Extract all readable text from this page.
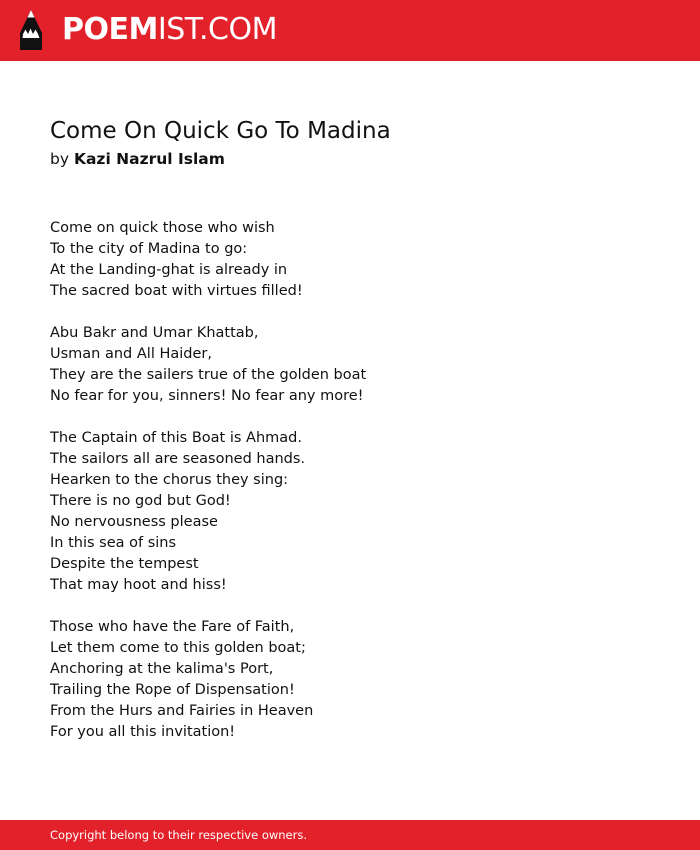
POEMIST.COM
Come On Quick Go To Madina
by Kazi Nazrul Islam
Come on quick those who wish
To the city of Madina to go:
At the Landing-ghat is already in
The sacred boat with virtues filled!
Abu Bakr and Umar Khattab,
Usman and All Haider,
They are the sailers true of the golden boat
No fear for you, sinners! No fear any more!
The Captain of this Boat is Ahmad.
The sailors all are seasoned hands.
Hearken to the chorus they sing:
There is no god but God!
No nervousness please
In this sea of sins
Despite the tempest
That may hoot and hiss!
Those who have the Fare of Faith,
Let them come to this golden boat;
Anchoring at the kalima's Port,
Trailing the Rope of Dispensation!
From the Hurs and Fairies in Heaven
For you all this invitation!
Copyright belong to their respective owners.
